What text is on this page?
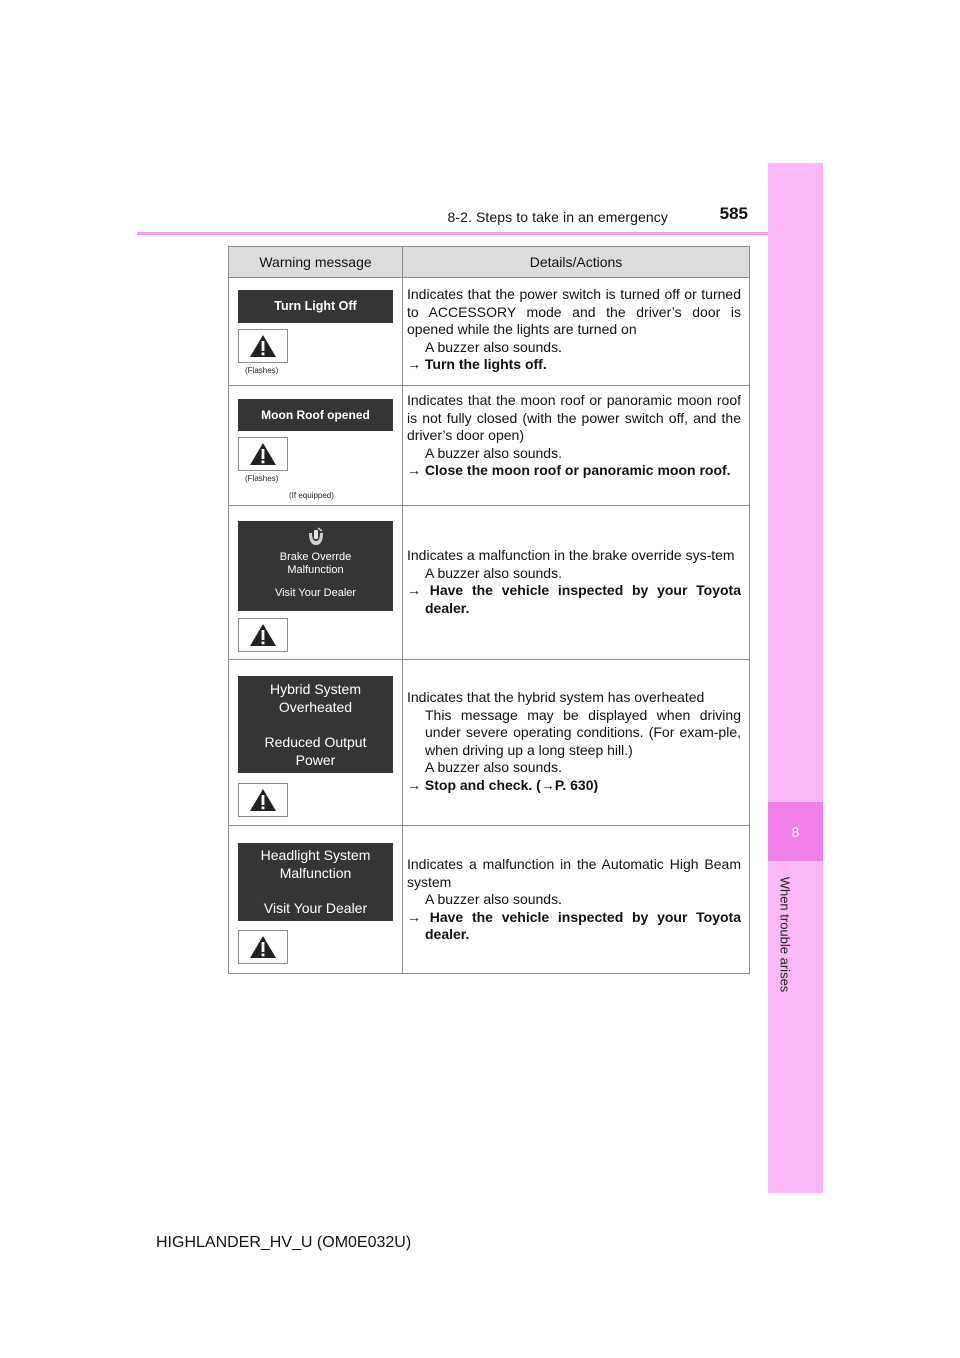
8-2. Steps to take in an emergency	585
8
When trouble arises
Warning message	Details/Actions
Turn Light Off
(Flashes)

Indicates that the power switch is turned off or turned to ACCESSORY mode and the driver’s door is opened while the lights are turned on

A buzzer also sounds.

→ Turn the lights off.

Moon Roof opened
(Flashes)
(If equipped)

Indicates that the moon roof or panoramic moon roof is not fully closed (with the power switch off, and the driver’s door open)

A buzzer also sounds.

→ Close the moon roof or panoramic moon roof.

Brake Overrde
Malfunction
Visit Your Dealer

Indicates a malfunction in the brake override sys-tem

A buzzer also sounds.

→ Have the vehicle inspected by your Toyota dealer.

Hybrid System
Overheated
Reduced Output
Power

Indicates that the hybrid system has overheated

This message may be displayed when driving under severe operating conditions. (For exam-ple, when driving up a long steep hill.)

A buzzer also sounds.

→ Stop and check. (→P. 630)

Headlight System
Malfunction
Visit Your Dealer

Indicates a malfunction in the Automatic High Beam system

A buzzer also sounds.

→ Have the vehicle inspected by your Toyota dealer.

HIGHLANDER_HV_U (OM0E032U)
